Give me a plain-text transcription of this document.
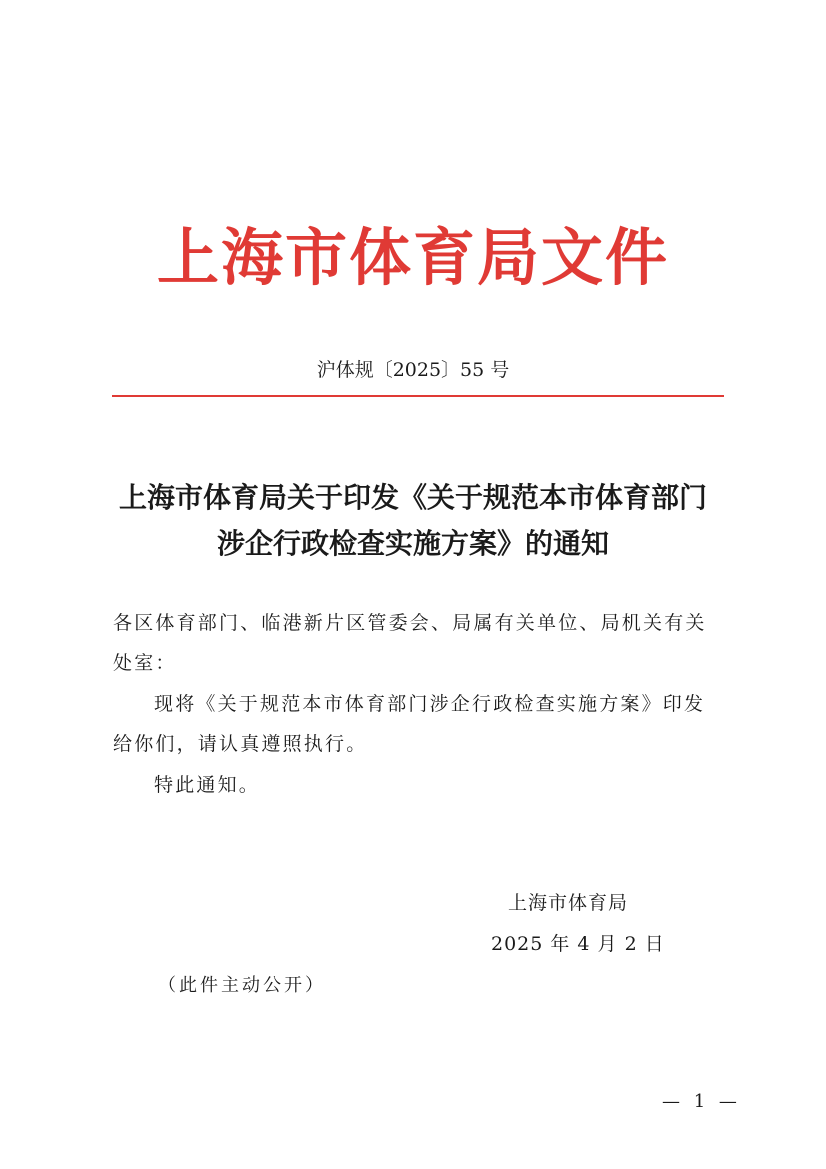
上海市体育局文件
沪体规〔2025〕55 号
上海市体育局关于印发《关于规范本市体育部门
涉企行政检查实施方案》的通知
各区体育部门、临港新片区管委会、局属有关单位、局机关有关处室：
现将《关于规范本市体育部门涉企行政检查实施方案》印发给你们，请认真遵照执行。
特此通知。
上海市体育局
2025 年 4 月 2 日
（此件主动公开）
— 1 —
